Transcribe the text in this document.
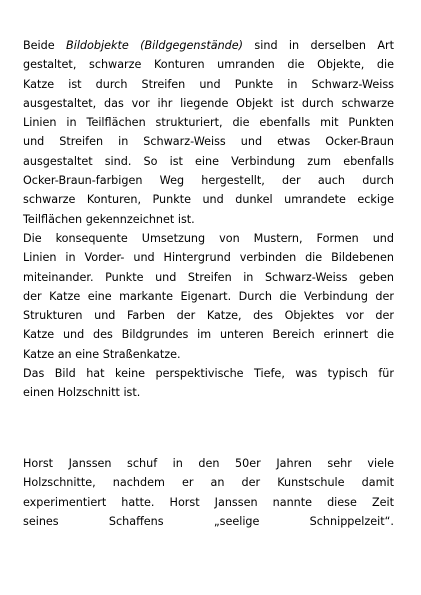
Beide Bildobjekte (Bildgegenstände) sind in derselben Art
gestaltet, schwarze Konturen umranden die Objekte, die
Katze ist durch Streifen und Punkte in Schwarz-Weiss
ausgestaltet, das vor ihr liegende Objekt ist durch schwarze
Linien in Teilflächen strukturiert, die ebenfalls mit Punkten
und Streifen in Schwarz-Weiss und etwas Ocker-Braun
ausgestaltet sind. So ist eine Verbindung zum ebenfalls
Ocker-Braun-farbigen Weg hergestellt, der auch durch
schwarze Konturen, Punkte und dunkel umrandete eckige
Teilflächen gekennzeichnet ist.
Die konsequente Umsetzung von Mustern, Formen und
Linien in Vorder- und Hintergrund verbinden die Bildebenen
miteinander. Punkte und Streifen in Schwarz-Weiss geben
der Katze eine markante Eigenart. Durch die Verbindung der
Strukturen und Farben der Katze, des Objektes vor der
Katze und des Bildgrundes im unteren Bereich erinnert die
Katze an eine Straßenkatze.
Das Bild hat keine perspektivische Tiefe, was typisch für
einen Holzschnitt ist.
Horst Janssen schuf in den 50er Jahren sehr viele
Holzschnitte, nachdem er an der Kunstschule damit
experimentiert hatte. Horst Janssen nannte diese Zeit
seines Schaffens „seelige Schnippelzeit“.
